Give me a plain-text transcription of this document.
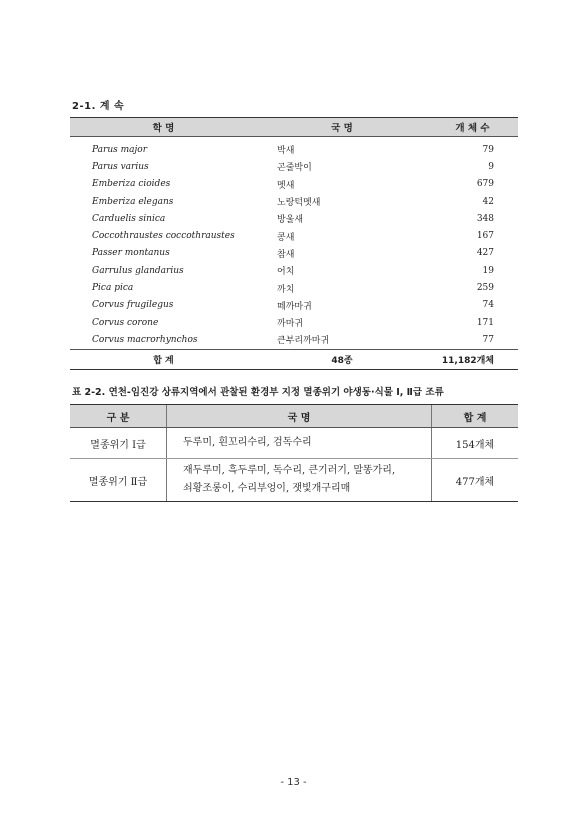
2-1. 계 속
학 명	국 명	개 체 수
Parus major	박새	79
Parus varius	곤줄박이	9
Emberiza cioides	멧새	679
Emberiza elegans	노랑턱멧새	42
Carduelis sinica	방울새	348
Coccothraustes coccothraustes	콩새	167
Passer montanus	참새	427
Garrulus glandarius	어치	19
Pica pica	까치	259
Corvus frugilegus	떼까마귀	74
Corvus corone	까마귀	171
Corvus macrorhynchos	큰부리까마귀	77
합 계	48종	11,182개체
표 2-2. 연천-임진강 상류지역에서 관찰된 환경부 지정 멸종위기 야생동·식물 Ⅰ, Ⅱ급 조류
구 분	국 명	합 계
멸종위기 Ⅰ급	두루미, 흰꼬리수리, 검독수리	154개체
멸종위기 Ⅱ급	재두루미, 흑두루미, 독수리, 큰기러기, 말똥가리,
쇠황조롱이, 수리부엉이, 잿빛개구리매	477개체
- 13 -
